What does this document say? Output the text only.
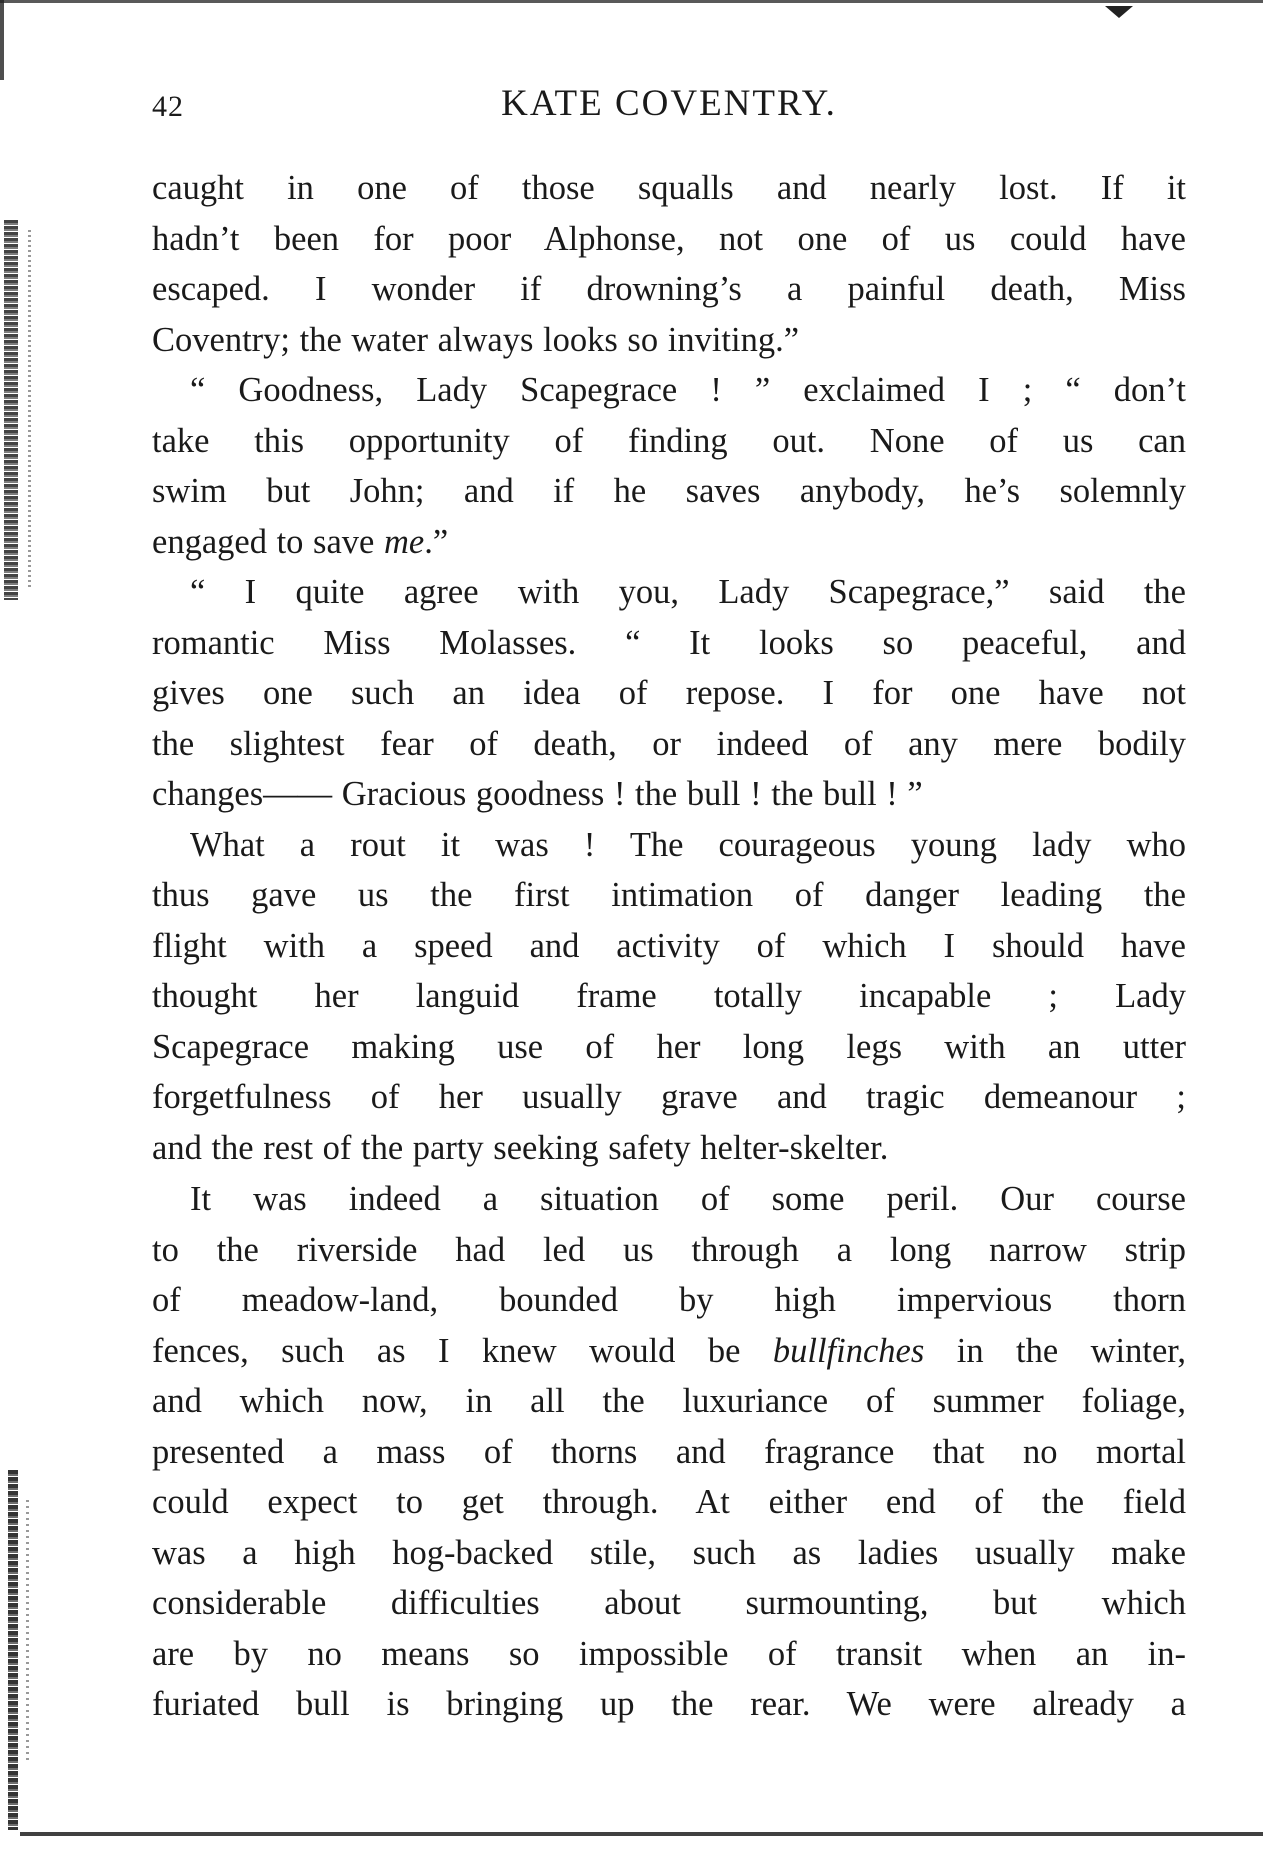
42	KATE COVENTRY.

caught in one of those squalls and nearly lost. If it
hadn’t been for poor Alphonse, not one of us could have
escaped. I wonder if drowning’s a painful death, Miss
Coventry; the water always looks so inviting.”

“ Goodness, Lady Scapegrace ! ” exclaimed I ; “ don’t
take this opportunity of finding out. None of us can
swim but John; and if he saves anybody, he’s solemnly
engaged to save me.”

“ I quite agree with you, Lady Scapegrace,” said the
romantic Miss Molasses. “ It looks so peaceful, and
gives one such an idea of repose. I for one have not
the slightest fear of death, or indeed of any mere bodily
changes—— Gracious goodness ! the bull ! the bull ! ”

What a rout it was ! The courageous young lady who
thus gave us the first intimation of danger leading the
flight with a speed and activity of which I should have
thought her languid frame totally incapable ; Lady
Scapegrace making use of her long legs with an utter
forgetfulness of her usually grave and tragic demeanour ;
and the rest of the party seeking safety helter-skelter.

It was indeed a situation of some peril. Our course
to the riverside had led us through a long narrow strip
of meadow-land, bounded by high impervious thorn
fences, such as I knew would be bullfinches in the winter,
and which now, in all the luxuriance of summer foliage,
presented a mass of thorns and fragrance that no mortal
could expect to get through. At either end of the field
was a high hog-backed stile, such as ladies usually make
considerable difficulties about surmounting, but which
are by no means so impossible of transit when an in-
furiated bull is bringing up the rear. We were already a
